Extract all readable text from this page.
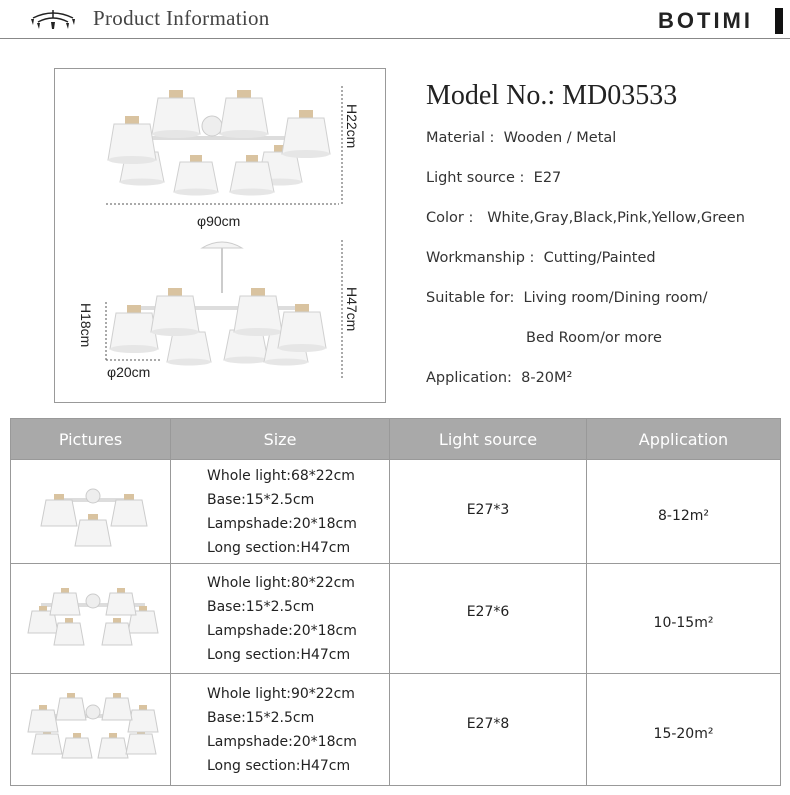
Product Information	BOTIMI
H22cm
φ90cm
H47cm
H18cm
φ20cm
Model No.: MD03533
Material : Wooden / Metal
Light source : E27
Color : White,Gray,Black,Pink,Yellow,Green
Workmanship : Cutting/Painted
Suitable for: Living room/Dining room/
Bed Room/or more
Application: 8-20M²
Pictures	Size	Light source	Application

Whole light:68*22cm
Base:15*2.5cm
Lampshade:20*18cm
Long section:H47cm	E27*3	8-12m²

Whole light:80*22cm
Base:15*2.5cm
Lampshade:20*18cm
Long section:H47cm	E27*6	10-15m²

Whole light:90*22cm
Base:15*2.5cm
Lampshade:20*18cm
Long section:H47cm	E27*8	15-20m²
